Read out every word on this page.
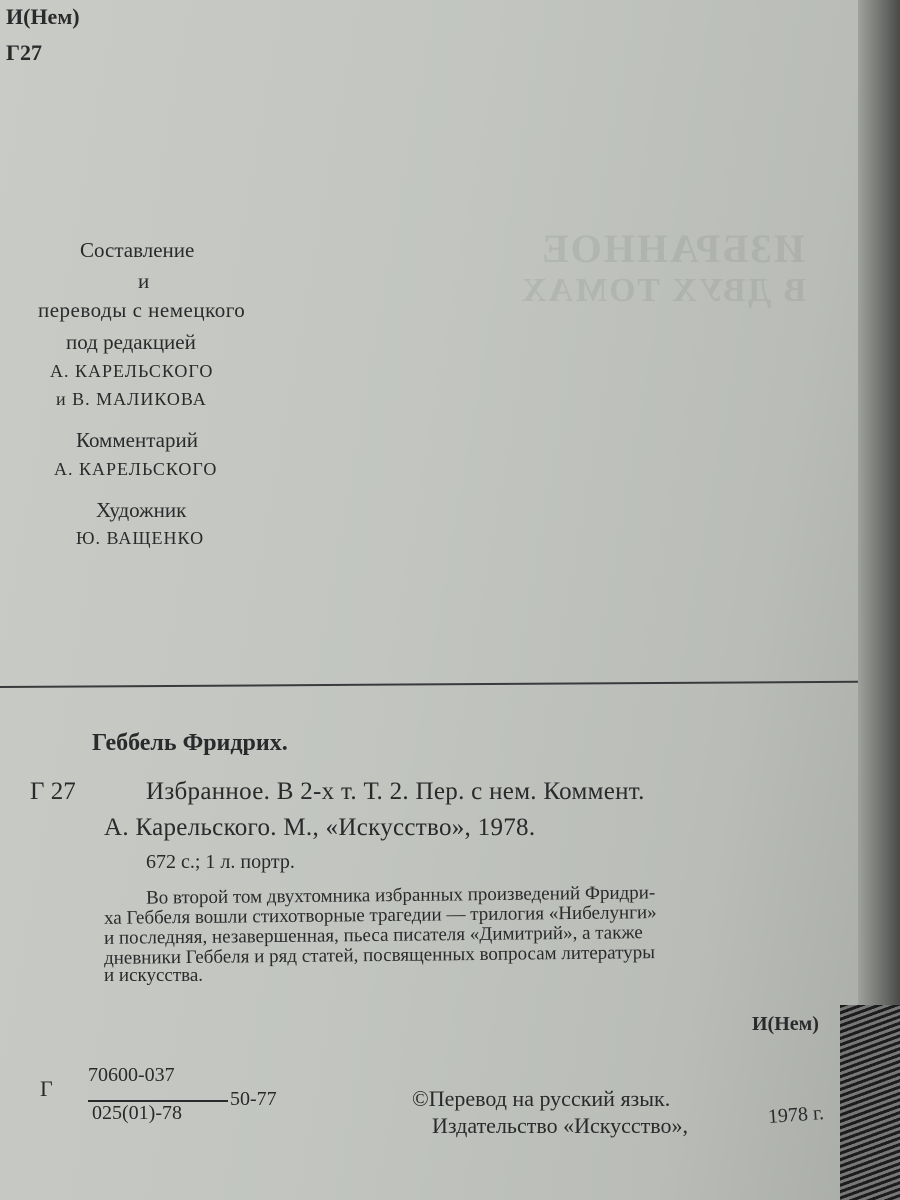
ИЗБРАННОЕ
В ДВУХ ТОМАХ
И(Нем)
Г27
Составление
и
переводы с немецкого
под редакцией
А. КАРЕЛЬСКОГО
и В. МАЛИКОВА
Комментарий
А. КАРЕЛЬСКОГО
Художник
Ю. ВАЩЕНКО
Геббель Фридрих.
Г 27	Избранное. В 2-х т. Т. 2. Пер. с нем. Коммент.
А. Карельского. М., «Искусство», 1978.
672 с.; 1 л. портр.
Во второй том двухтомника избранных произведений Фридри-
ха Геббеля вошли стихотворные трагедии — трилогия «Нибелунги»
и последняя, незавершенная, пьеса писателя «Димитрий», а также
дневники Геббеля и ряд статей, посвященных вопросам литературы
и искусства.
И(Нем)
Г
70600-037
025(01)-78
50-77	©Перевод на русский язык.
Издательство «Искусство»,	1978 г.
